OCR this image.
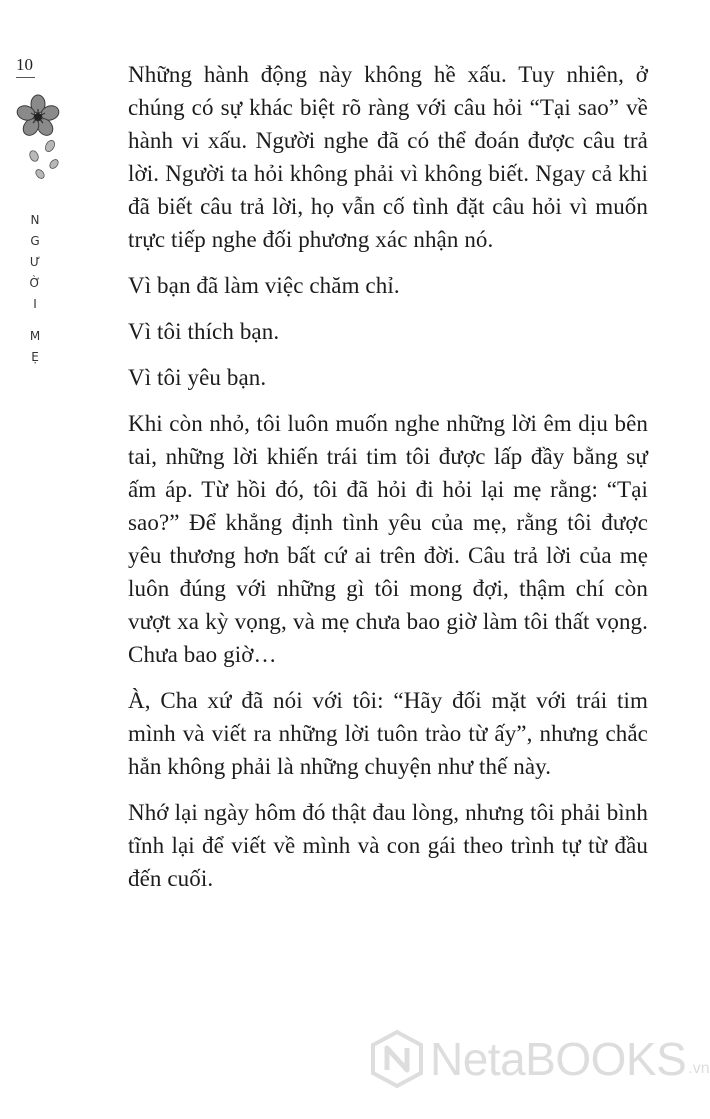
10
N
G
Ư
Ờ
I
M
Ẹ

Những hành động này không hề xấu. Tuy nhiên, ở chúng có sự khác biệt rõ ràng với câu hỏi “Tại sao” về hành vi xấu. Người nghe đã có thể đoán được câu trả lời. Người ta hỏi không phải vì không biết. Ngay cả khi đã biết câu trả lời, họ vẫn cố tình đặt câu hỏi vì muốn trực tiếp nghe đối phương xác nhận nó.

Vì bạn đã làm việc chăm chỉ.

Vì tôi thích bạn.

Vì tôi yêu bạn.

Khi còn nhỏ, tôi luôn muốn nghe những lời êm dịu bên tai, những lời khiến trái tim tôi được lấp đầy bằng sự ấm áp. Từ hồi đó, tôi đã hỏi đi hỏi lại mẹ rằng: “Tại sao?” Để khẳng định tình yêu của mẹ, rằng tôi được yêu thương hơn bất cứ ai trên đời. Câu trả lời của mẹ luôn đúng với những gì tôi mong đợi, thậm chí còn vượt xa kỳ vọng, và mẹ chưa bao giờ làm tôi thất vọng. Chưa bao giờ…

À, Cha xứ đã nói với tôi: “Hãy đối mặt với trái tim mình và viết ra những lời tuôn trào từ ấy”, nhưng chắc hẳn không phải là những chuyện như thế này.

Nhớ lại ngày hôm đó thật đau lòng, nhưng tôi phải bình tĩnh lại để viết về mình và con gái theo trình tự từ đầu đến cuối.

NetaBOOKS .vn
